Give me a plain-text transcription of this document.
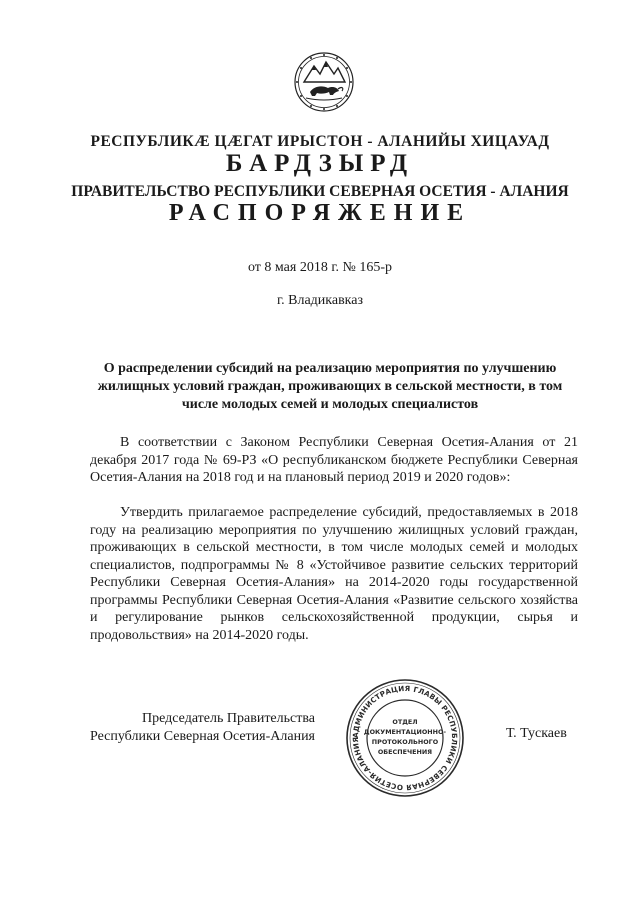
РЕСПУБЛИКӔ ЦӔГАТ ИРЫСТОН - АЛАНИЙЫ ХИЦАУАД
БАРДЗЫРД
ПРАВИТЕЛЬСТВО РЕСПУБЛИКИ СЕВЕРНАЯ ОСЕТИЯ - АЛАНИЯ
РАСПОРЯЖЕНИЕ
от 8 мая 2018 г. № 165-р
г. Владикавказ
О распределении субсидий на реализацию мероприятия по улучшению жилищных условий граждан, проживающих в сельской местности, в том числе молодых семей и молодых специалистов

В соответствии с Законом Республики Северная Осетия-Алания от 21 декабря 2017 года № 69-РЗ «О республиканском бюджете Республики Северная Осетия-Алания на 2018 год и на плановый период 2019 и 2020 годов»:

Утвердить прилагаемое распределение субсидий, предоставляемых в 2018 году на реализацию мероприятия по улучшению жилищных условий граждан, проживающих в сельской местности, в том числе молодых семей и молодых специалистов, подпрограммы № 8 «Устойчивое развитие сельских территорий Республики Северная Осетия-Алания» на 2014-2020 годы государственной программы Республики Северная Осетия-Алания «Развитие сельского хозяйства и регулирование рынков сельскохозяйственной продукции, сырья и продовольствия» на 2014-2020 годы.

Председатель Правительства
Республики Северная Осетия-Алания	АДМИНИСТРАЦИЯ ГЛАВЫ РЕСПУБЛИКИ СЕВЕРНАЯ ОСЕТИЯ-АЛАНИЯ
ОТДЕЛ
ДОКУМЕНТАЦИОННО-
ПРОТОКОЛЬНОГО
ОБЕСПЕЧЕНИЯ
Т. Тускаев
